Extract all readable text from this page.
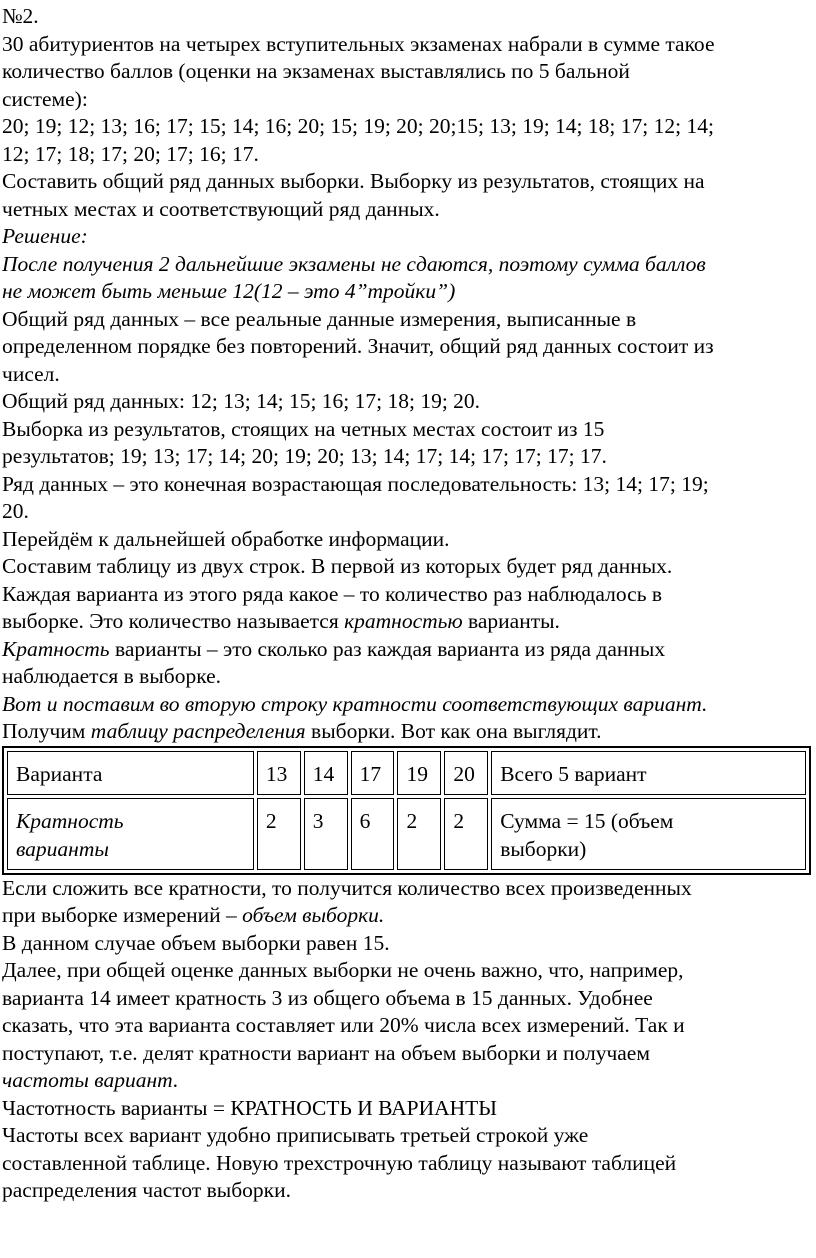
№2.

30 абитуриентов на четырех вступительных экзаменах набрали в сумме такое

количество баллов (оценки на экзаменах выставлялись по 5 бальной

системе):

20; 19; 12; 13; 16; 17; 15; 14; 16; 20; 15; 19; 20; 20;15; 13; 19; 14; 18; 17; 12; 14;

12; 17; 18; 17; 20; 17; 16; 17.

Составить общий ряд данных выборки. Выборку из результатов, стоящих на

четных местах и соответствующий ряд данных.

Решение:

После получения 2 дальнейшие экзамены не сдаются, поэтому сумма баллов

не может быть меньше 12(12 – это 4”тройки”)

Общий ряд данных – все реальные данные измерения, выписанные в

определенном порядке без повторений. Значит, общий ряд данных состоит из

чисел.

Общий ряд данных: 12; 13; 14; 15; 16; 17; 18; 19; 20.

Выборка из результатов, стоящих на четных местах состоит из 15

результатов; 19; 13; 17; 14; 20; 19; 20; 13; 14; 17; 14; 17; 17; 17; 17.

Ряд данных – это конечная возрастающая последовательность: 13; 14; 17; 19;

20.

Перейдём к дальнейшей обработке информации.

Составим таблицу из двух строк. В первой из которых будет ряд данных.

Каждая варианта из этого ряда какое – то количество раз наблюдалось в

выборке. Это количество называется кратностью варианты.

Кратность варианты – это сколько раз каждая варианта из ряда данных

наблюдается в выборке.

Вот и поставим во вторую строку кратности соответствующих вариант.

Получим таблицу распределения выборки. Вот как она выглядит.

Варианта	13	14	17	19	20	Всего 5 вариант
Кратность
варианты	2	3	6	2	2	Сумма = 15 (объем
выборки)

Если сложить все кратности, то получится количество всех произведенных

при выборке измерений – объем выборки.

В данном случае объем выборки равен 15.

Далее, при общей оценке данных выборки не очень важно, что, например,

варианта 14 имеет кратность 3 из общего объема в 15 данных. Удобнее

сказать, что эта варианта составляет или 20% числа всех измерений. Так и

поступают, т.е. делят кратности вариант на объем выборки и получаем

частоты вариант.

Частотность варианты = КРАТНОСТЬ И ВАРИАНТЫ

Частоты всех вариант удобно приписывать третьей строкой уже

составленной таблице. Новую трехстрочную таблицу называют таблицей

распределения частот выборки.
